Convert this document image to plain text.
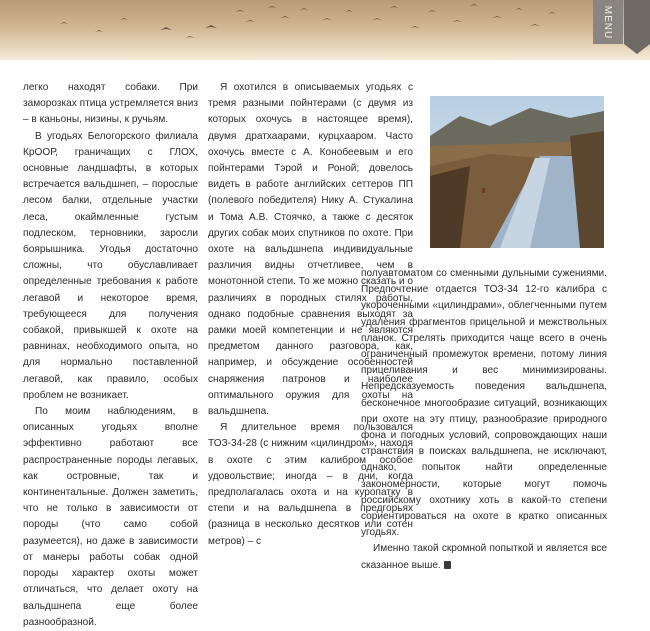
MENU

легко находят собаки. При заморозках птица устремляется вниз – в каньоны, низины, к ручьям.

В угодьях Белогорского филиала КрООР, граничащих с ГЛОХ, основные ландшафты, в которых встречается вальдшнеп, – порослые лесом балки, отдельные участки леса, окаймленные густым подлеском, терновники, заросли боярышника. Угодья достаточно сложны, что обуславливает определенные требования к работе легавой и некоторое время, требующееся для получения собакой, привыкшей к охоте на равнинах, необходимого опыта, но для нормально поставленной легавой, как правило, особых проблем не возникает.

По моим наблюдениям, в описанных угодьях вполне эффективно работают все распространенные породы легавых, как островные, так и континентальные. Должен заметить, что не только в зависимости от породы (что само собой разумеется), но даже в зависимости от манеры работы собак одной породы характер охоты может отличаться, что делает охоту на вальдшнепа еще более разнообразной.

Я охотился в описываемых угодьях с тремя разными пойнтерами (с двумя из которых охочусь в настоящее время), двумя дратхаарами, курцхааром. Часто охочусь вместе с А. Конобеевым и его пойнтерами Тэрой и Роной; довелось видеть в работе английских сеттеров ПП (полевого победителя) Нику А. Стукалина и Тома А.В. Стоячко, а также с десяток других собак моих спутников по охоте. При охоте на вальдшнепа индивидуальные различия видны отчетливее, чем в монотонной степи. То же можно сказать и о различиях в породных стилях работы, однако подобные сравнения выходят за рамки моей компетенции и не являются предметом данного разговора, как, например, и обсуждение особенностей снаряжения патронов и наиболее оптимального оружия для охоты на вальдшнепа.

Я длительное время пользовался ТОЗ-34-28 (с нижним «цилиндром», находя в охоте с этим калибром особое удовольствие; иногда – в дни, когда предполагалась охота и на куропатку в степи и на вальдшнепа в предгорьях (разница в несколько десятков или сотен метров) – с

полуавтоматом со сменными дульными сужениями. Предпочтение отдается ТОЗ-34 12-го калибра с укороченными «цилиндрами», облегченными путем удаления фрагментов прицельной и межствольных планок. Стрелять приходится чаще всего в очень ограниченный промежуток времени, потому линия прицеливания и вес минимизированы. Непредсказуемость поведения вальдшнепа, бесконечное многообразие ситуаций, возникающих при охоте на эту птицу, разнообразие природного фона и погодных условий, сопровождающих наши странствия в поисках вальдшнепа, не исключают, однако, попыток найти определенные закономерности, которые могут помочь российскому охотнику хоть в какой-то степени сориентироваться на охоте в кратко описанных угодьях.

Именно такой скромной попыткой и является все сказанное выше.
